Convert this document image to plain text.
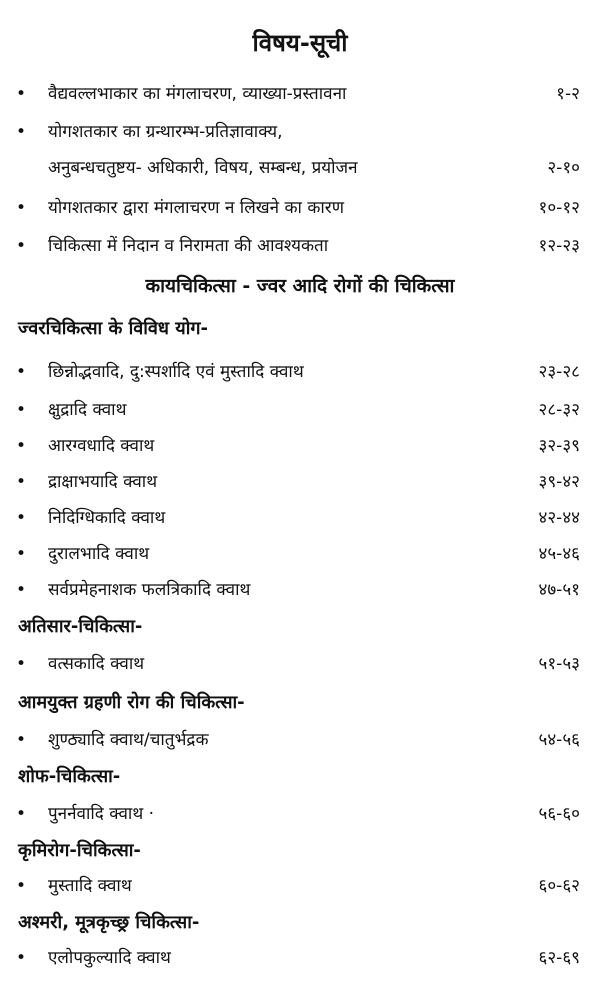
विषय-सूची
• वैद्यवल्लभाकार का मंगलाचरण, व्याख्या-प्रस्तावना	१-२
• योगशतकार का ग्रन्थारम्भ-प्रतिज्ञावाक्य,
अनुबन्धचतुष्टय- अधिकारी, विषय, सम्बन्ध, प्रयोजन	२-१०
• योगशतकार द्वारा मंगलाचरण न लिखने का कारण	१०-१२
• चिकित्सा में निदान व निरामता की आवश्यकता	१२-२३
कायचिकित्सा - ज्वर आदि रोगों की चिकित्सा
ज्वरचिकित्सा के विविध योग-
• छिन्नोद्भवादि, दु:स्पर्शादि एवं मुस्तादि क्वाथ	२३-२८
• क्षुद्रादि क्वाथ	२८-३२
• आरग्वधादि क्वाथ	३२-३९
• द्राक्षाभयादि क्वाथ	३९-४२
• निदिग्धिकादि क्वाथ	४२-४४
• दुरालभादि क्वाथ	४५-४६
• सर्वप्रमेहनाशक फलत्रिकादि क्वाथ	४७-५१
अतिसार-चिकित्सा-
• वत्सकादि क्वाथ	५१-५३
आमयुक्त ग्रहणी रोग की चिकित्सा-
• शुण्ठ्यादि क्वाथ/चातुर्भद्रक	५४-५६
शोफ-चिकित्सा-
• पुनर्नवादि क्वाथ ·	५६-६०
कृमिरोग-चिकित्सा-
• मुस्तादि क्वाथ	६०-६२
अश्मरी, मूत्रकृच्छ्र चिकित्सा-
• एलोपकुल्यादि क्वाथ	६२-६९
